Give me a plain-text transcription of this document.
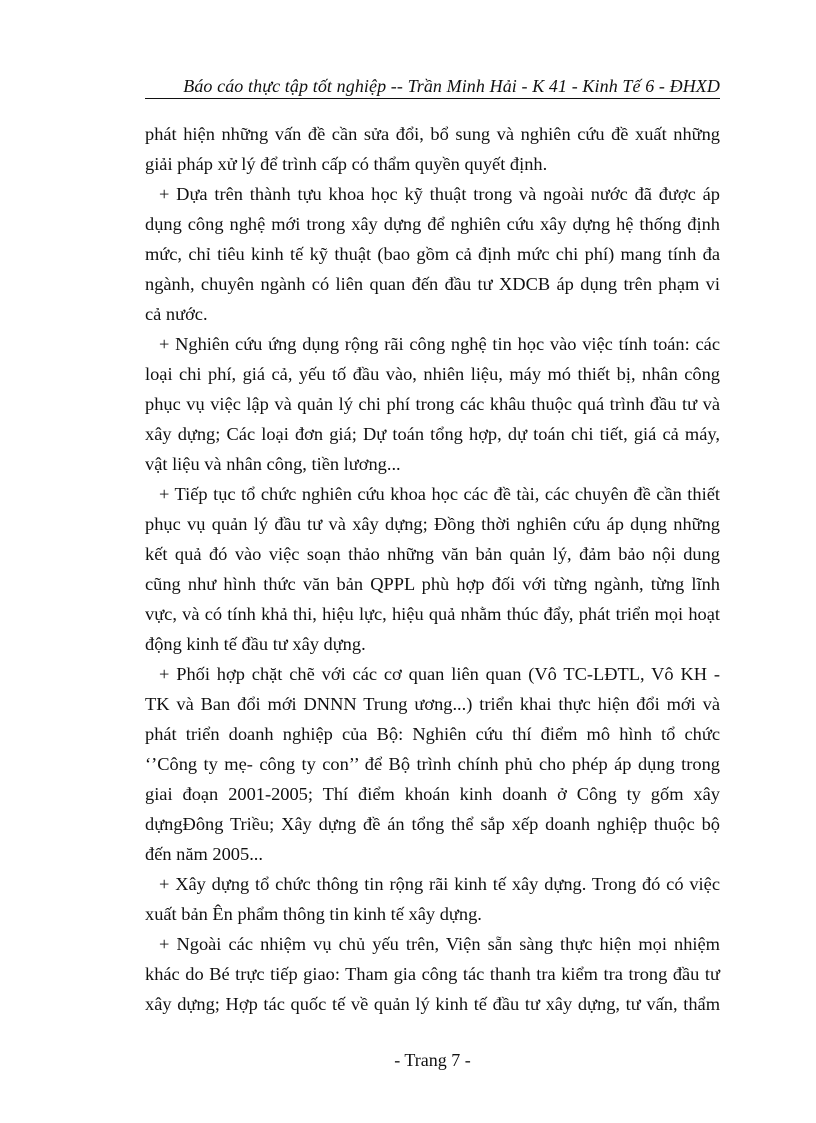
Báo cáo thực tập tốt nghiệp -- Trần Minh Hải - K 41 - Kinh Tế 6 - ĐHXD
phát hiện những vấn đề cần sửa đổi, bổ sung và nghiên cứu đề xuất những
giải pháp xử lý để trình cấp có thẩm quyền quyết định.
+ Dựa trên thành tựu khoa học kỹ thuật trong và ngoài nước đã được áp
dụng công nghệ mới trong xây dựng để nghiên cứu xây dựng hệ thống định
mức, chỉ tiêu kinh tế kỹ thuật (bao gồm cả định mức chi phí) mang tính đa
ngành, chuyên ngành có liên quan đến đầu tư XDCB áp dụng trên phạm vi
cả nước.
+ Nghiên cứu ứng dụng rộng rãi công nghệ tin học vào việc tính toán: các
loại chi phí, giá cả, yếu tố đầu vào, nhiên liệu, máy mó thiết bị, nhân công
phục vụ việc lập và quản lý chi phí trong các khâu thuộc quá trình đầu tư và
xây dựng; Các loại đơn giá; Dự toán tổng hợp, dự toán chi tiết, giá cả máy,
vật liệu và nhân công, tiền lương...
+ Tiếp tục tổ chức nghiên cứu khoa học các đề tài, các chuyên đề cần thiết
phục vụ quản lý đầu tư và xây dựng; Đồng thời nghiên cứu áp dụng những
kết quả đó vào việc soạn thảo những văn bản quản lý, đảm bảo nội dung
cũng như hình thức văn bản QPPL phù hợp đối với từng ngành, từng lĩnh
vực, và có tính khả thi, hiệu lực, hiệu quả nhằm thúc đẩy, phát triển mọi hoạt
động kinh tế đầu tư xây dựng.
+ Phối hợp chặt chẽ với các cơ quan liên quan (Vô TC-LĐTL, Vô KH -
TK và Ban đổi mới DNNN Trung ương...) triển khai thực hiện đổi mới và
phát triển doanh nghiệp của Bộ: Nghiên cứu thí điểm mô hình tổ chức
‘’Công ty mẹ- công ty con’’ để Bộ trình chính phủ cho phép áp dụng trong
giai đoạn 2001-2005; Thí điểm khoán kinh doanh ở Công ty gốm xây
dựngĐông Triều; Xây dựng đề án tổng thể sắp xếp doanh nghiệp thuộc bộ
đến năm 2005...
+ Xây dựng tổ chức thông tin rộng rãi kinh tế xây dựng. Trong đó có việc
xuất bản Ên phẩm thông tin kinh tế xây dựng.
+ Ngoài các nhiệm vụ chủ yếu trên, Viện sẵn sàng thực hiện mọi nhiệm
khác do Bé trực tiếp giao: Tham gia công tác thanh tra kiểm tra trong đầu tư
xây dựng; Hợp tác quốc tế về quản lý kinh tế đầu tư xây dựng, tư vấn, thẩm
- Trang 7 -
